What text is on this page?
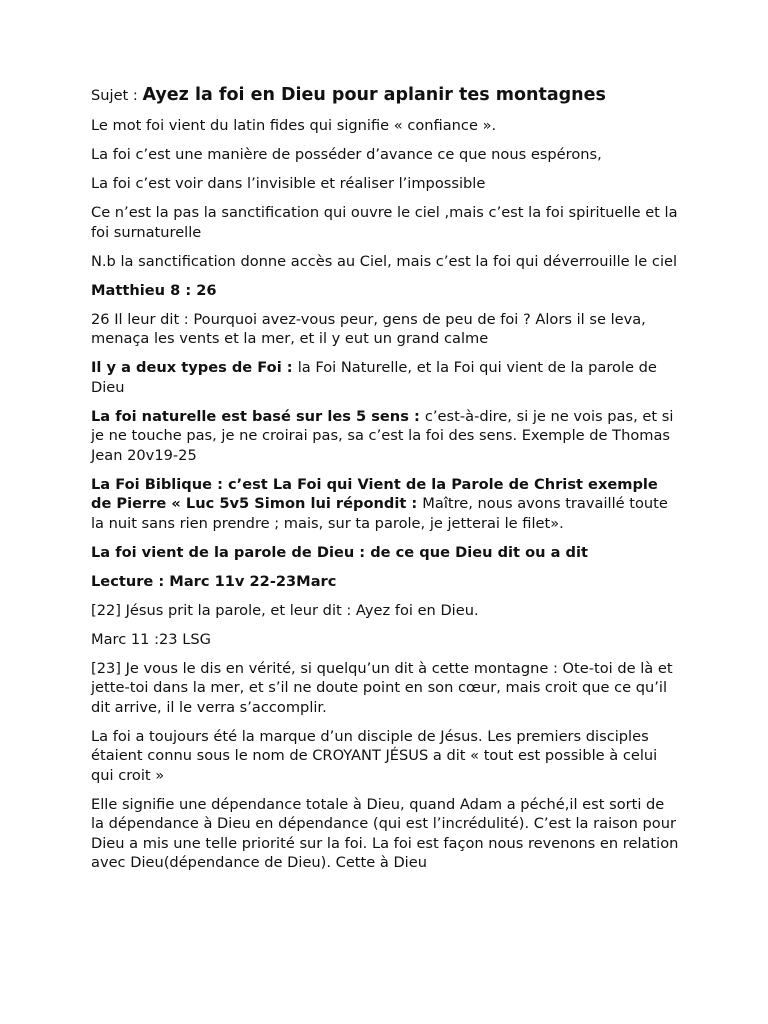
Sujet : Ayez la foi en Dieu pour aplanir tes montagnes

Le mot foi vient du latin fides qui signifie « confiance ».

La foi c’est une manière de posséder d’avance ce que nous espérons,

La foi c’est voir dans l’invisible et réaliser l’impossible

Ce n’est la pas la sanctification qui ouvre le ciel ,mais c’est la foi spirituelle et la foi surnaturelle

N.b la sanctification donne accès au Ciel, mais c’est la foi qui déverrouille le ciel

Matthieu 8 : 26

26 Il leur dit : Pourquoi avez-vous peur, gens de peu de foi ? Alors il se leva, menaça les vents et la mer, et il y eut un grand calme

Il y a deux types de Foi : la Foi Naturelle, et la Foi qui vient de la parole de Dieu

La foi naturelle est basé sur les 5 sens : c’est-à-dire, si je ne vois pas, et si je ne touche pas, je ne croirai pas, sa c’est la foi des sens. Exemple de Thomas Jean 20v19-25

La Foi Biblique : c’est La Foi qui Vient de la Parole de Christ exemple de Pierre « Luc 5v5 Simon lui répondit : Maître, nous avons travaillé toute la nuit sans rien prendre ; mais, sur ta parole, je jetterai le filet».

La foi vient de la parole de Dieu : de ce que Dieu dit ou a dit

Lecture : Marc 11v 22-23Marc

[22] Jésus prit la parole, et leur dit : Ayez foi en Dieu.

Marc 11 :23 LSG

[23] Je vous le dis en vérité, si quelqu’un dit à cette montagne : Ote-toi de là et jette-toi dans la mer, et s’il ne doute point en son cœur, mais croit que ce qu’il dit arrive, il le verra s’accomplir.

La foi a toujours été la marque d’un disciple de Jésus. Les premiers disciples étaient connu sous le nom de CROYANT JÉSUS a dit « tout est possible à celui qui croit »

Elle signifie une dépendance totale à Dieu, quand Adam a péché,il est sorti de la dépendance à Dieu en dépendance (qui est l’incrédulité). C’est la raison pour Dieu a mis une telle priorité sur la foi. La foi est façon nous revenons en relation avec Dieu(dépendance de Dieu). Cette à Dieu
